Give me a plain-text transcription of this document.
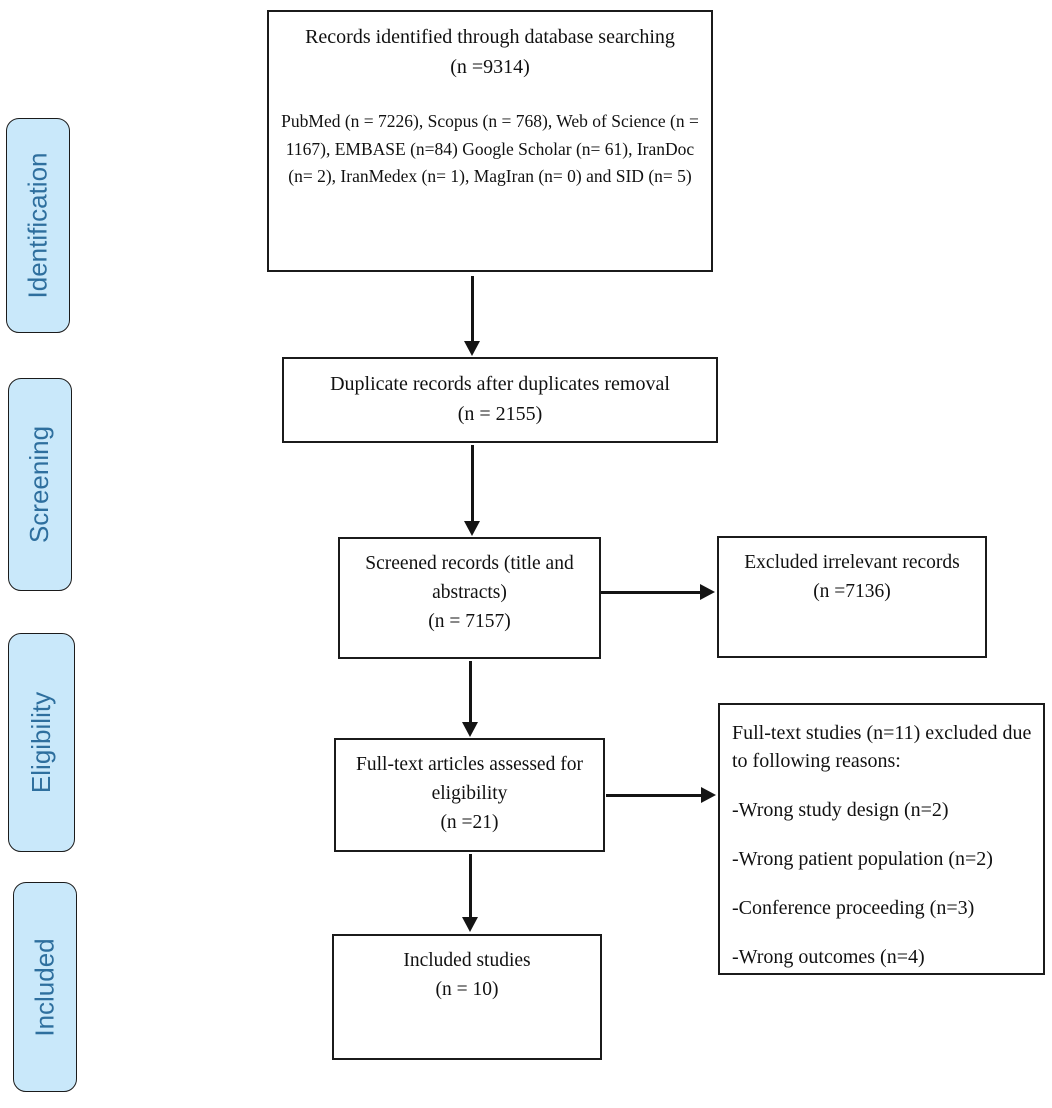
Identification
Screening
Eligibility
Included
Records identified through database searching
(n =9314)
PubMed (n = 7226), Scopus (n = 768), Web of Science (n = 1167), EMBASE (n=84) Google Scholar (n= 61), IranDoc (n= 2), IranMedex (n= 1), MagIran (n= 0) and SID (n= 5)
Duplicate records after duplicates removal
(n = 2155)
Screened records (title and abstracts)
(n = 7157)
Excluded irrelevant records
(n =7136)
Full-text articles assessed for eligibility
(n =21)
Full-text studies (n=11) excluded due to following reasons:
-Wrong study design (n=2)
-Wrong patient population (n=2)
-Conference proceeding (n=3)
-Wrong outcomes (n=4)
Included studies
(n = 10)
